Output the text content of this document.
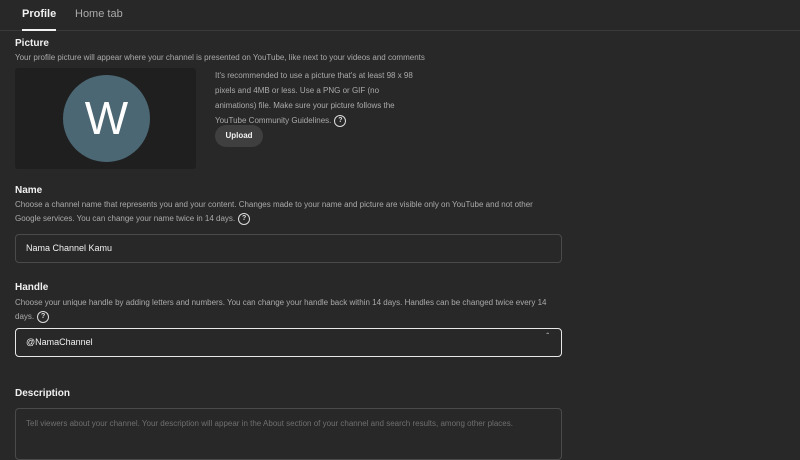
Profile Home tab
Picture
Your profile picture will appear where your channel is presented on YouTube, like next to your videos and comments
W
It's recommended to use a picture that's at least 98 x 98 pixels and 4MB or less. Use a PNG or GIF (no animations) file. Make sure your picture follows the YouTube Community Guidelines. ?
Upload
Name
Choose a channel name that represents you and your content. Changes made to your name and picture are visible only on YouTube and not other Google services. You can change your name twice in 14 days. ?
Nama Channel Kamu
Handle
Choose your unique handle by adding letters and numbers. You can change your handle back within 14 days. Handles can be changed twice every 14 days. ?
@NamaChannel
ˆ
Description
Tell viewers about your channel. Your description will appear in the About section of your channel and search results, among other places.
